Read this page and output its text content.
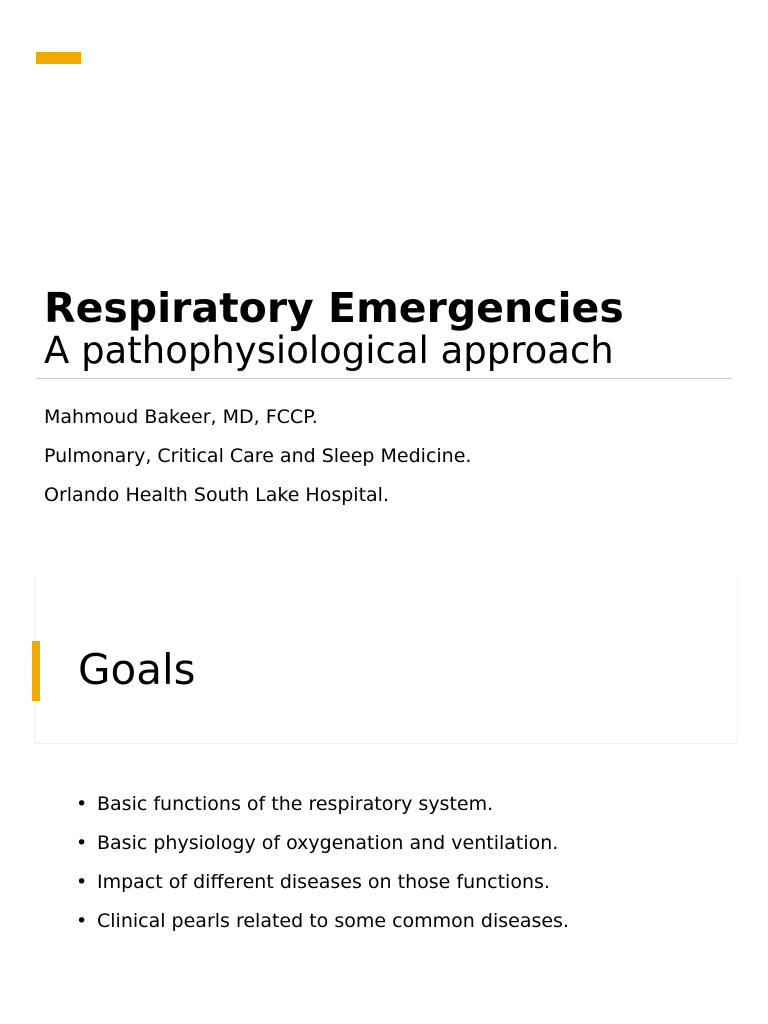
Respiratory Emergencies
A pathophysiological approach
Mahmoud Bakeer, MD, FCCP.
Pulmonary, Critical Care and Sleep Medicine.
Orlando Health South Lake Hospital.
Goals
• Basic functions of the respiratory system.
• Basic physiology of oxygenation and ventilation.
• Impact of different diseases on those functions.
• Clinical pearls related to some common diseases.
